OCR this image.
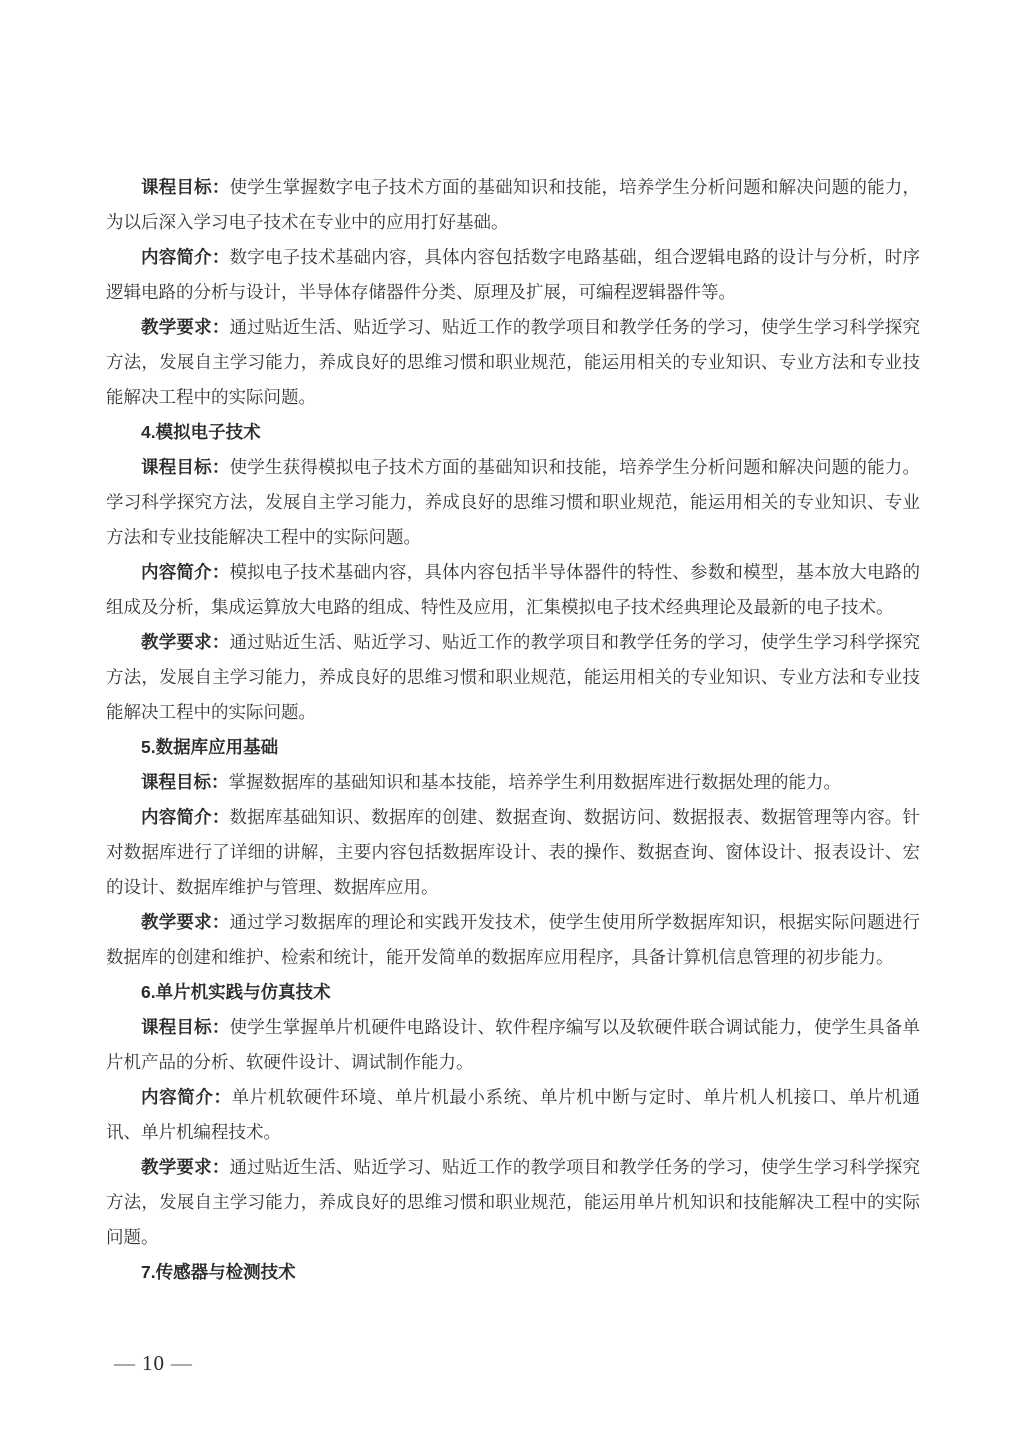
课程目标：使学生掌握数字电子技术方面的基础知识和技能，培养学生分析问题和解决问题的能力，为以后深入学习电子技术在专业中的应用打好基础。

内容简介：数字电子技术基础内容，具体内容包括数字电路基础，组合逻辑电路的设计与分析，时序逻辑电路的分析与设计，半导体存储器件分类、原理及扩展，可编程逻辑器件等。

教学要求：通过贴近生活、贴近学习、贴近工作的教学项目和教学任务的学习，使学生学习科学探究方法，发展自主学习能力，养成良好的思维习惯和职业规范，能运用相关的专业知识、专业方法和专业技能解决工程中的实际问题。

4.模拟电子技术

课程目标：使学生获得模拟电子技术方面的基础知识和技能，培养学生分析问题和解决问题的能力。学习科学探究方法，发展自主学习能力，养成良好的思维习惯和职业规范，能运用相关的专业知识、专业方法和专业技能解决工程中的实际问题。

内容简介：模拟电子技术基础内容，具体内容包括半导体器件的特性、参数和模型，基本放大电路的组成及分析，集成运算放大电路的组成、特性及应用，汇集模拟电子技术经典理论及最新的电子技术。

教学要求：通过贴近生活、贴近学习、贴近工作的教学项目和教学任务的学习，使学生学习科学探究方法，发展自主学习能力，养成良好的思维习惯和职业规范，能运用相关的专业知识、专业方法和专业技能解决工程中的实际问题。

5.数据库应用基础

课程目标：掌握数据库的基础知识和基本技能，培养学生利用数据库进行数据处理的能力。

内容简介：数据库基础知识、数据库的创建、数据查询、数据访问、数据报表、数据管理等内容。针对数据库进行了详细的讲解，主要内容包括数据库设计、表的操作、数据查询、窗体设计、报表设计、宏的设计、数据库维护与管理、数据库应用。

教学要求：通过学习数据库的理论和实践开发技术，使学生使用所学数据库知识，根据实际问题进行数据库的创建和维护、检索和统计，能开发简单的数据库应用程序，具备计算机信息管理的初步能力。

6.单片机实践与仿真技术

课程目标：使学生掌握单片机硬件电路设计、软件程序编写以及软硬件联合调试能力，使学生具备单片机产品的分析、软硬件设计、调试制作能力。

内容简介：单片机软硬件环境、单片机最小系统、单片机中断与定时、单片机人机接口、单片机通讯、单片机编程技术。

教学要求：通过贴近生活、贴近学习、贴近工作的教学项目和教学任务的学习，使学生学习科学探究方法，发展自主学习能力，养成良好的思维习惯和职业规范，能运用单片机知识和技能解决工程中的实际问题。

7.传感器与检测技术

— 10 —
